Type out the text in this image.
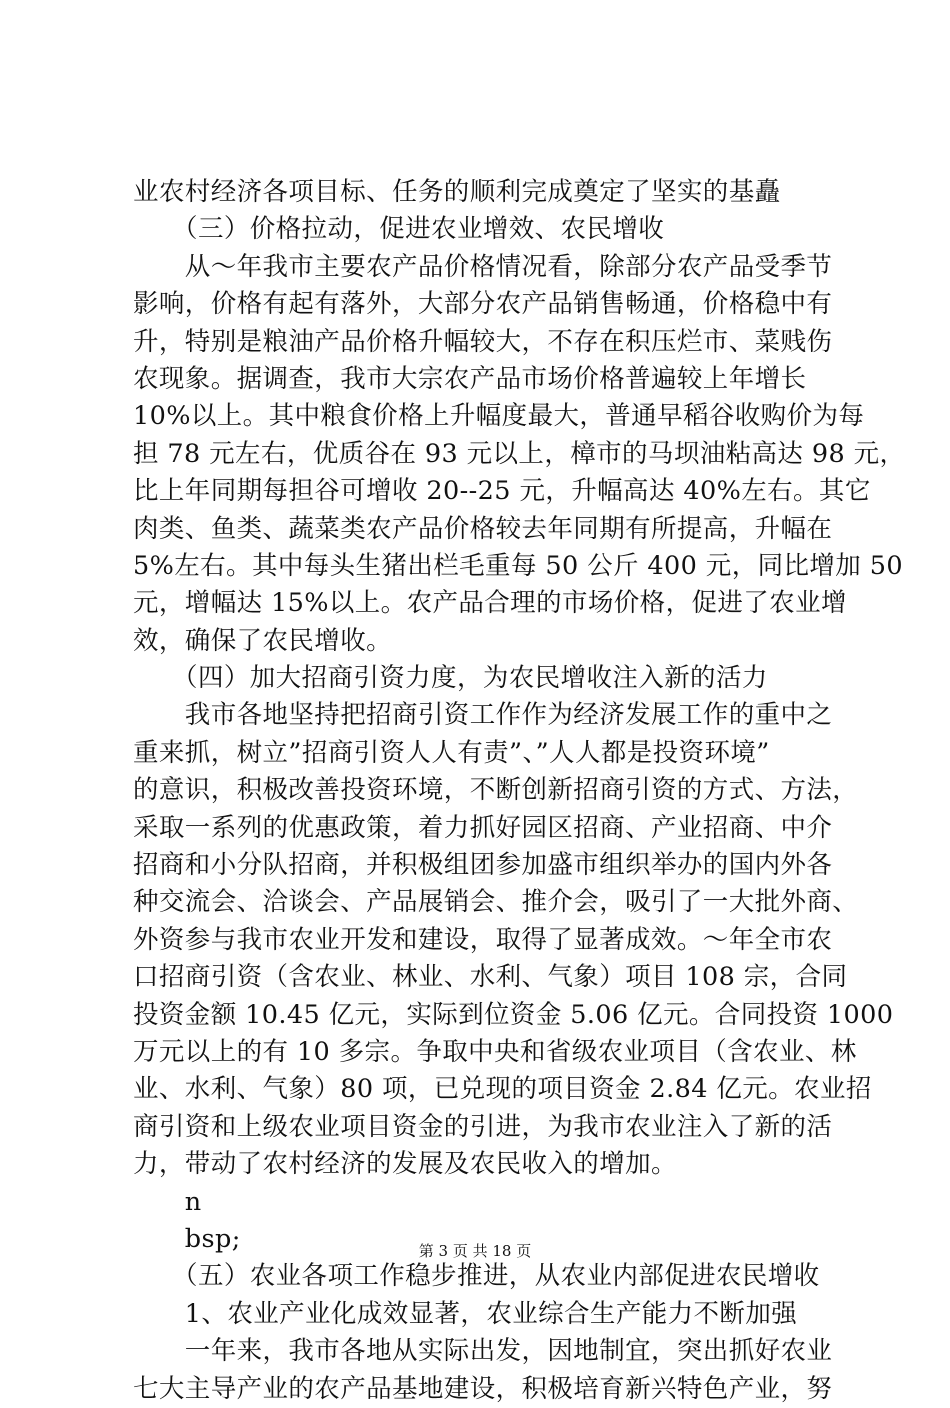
业农村经济各项目标、任务的顺利完成奠定了坚实的基矗
　　（三）价格拉动，促进农业增效、农民增收
　　从～年我市主要农产品价格情况看，除部分农产品受季节
影响，价格有起有落外，大部分农产品销售畅通，价格稳中有
升，特别是粮油产品价格升幅较大，不存在积压烂市、菜贱伤
农现象。据调查，我市大宗农产品市场价格普遍较上年增长
10%以上。其中粮食价格上升幅度最大，普通早稻谷收购价为每
担 78 元左右，优质谷在 93 元以上，樟市的马坝油粘高达 98 元，
比上年同期每担谷可增收 20--25 元，升幅高达 40%左右。其它
肉类、鱼类、蔬菜类农产品价格较去年同期有所提高，升幅在
5%左右。其中每头生猪出栏毛重每 50 公斤 400 元，同比增加 50
元，增幅达 15%以上。农产品合理的市场价格，促进了农业增
效，确保了农民增收。
　　（四）加大招商引资力度，为农民增收注入新的活力
　　我市各地坚持把招商引资工作作为经济发展工作的重中之
重来抓，树立”招商引资人人有责”、”人人都是投资环境”
的意识，积极改善投资环境，不断创新招商引资的方式、方法，
采取一系列的优惠政策，着力抓好园区招商、产业招商、中介
招商和小分队招商，并积极组团参加盛市组织举办的国内外各
种交流会、洽谈会、产品展销会、推介会，吸引了一大批外商、
外资参与我市农业开发和建设，取得了显著成效。～年全市农
口招商引资（含农业、林业、水利、气象）项目 108 宗，合同
投资金额 10.45 亿元，实际到位资金 5.06 亿元。合同投资 1000
万元以上的有 10 多宗。争取中央和省级农业项目（含农业、林
业、水利、气象）80 项，已兑现的项目资金 2.84 亿元。农业招
商引资和上级农业项目资金的引进，为我市农业注入了新的活
力，带动了农村经济的发展及农民收入的增加。
　　n
　　bsp;
　　（五）农业各项工作稳步推进，从农业内部促进农民增收
　　1、农业产业化成效显著，农业综合生产能力不断加强
　　一年来，我市各地从实际出发，因地制宜，突出抓好农业
七大主导产业的农产品基地建设，积极培育新兴特色产业，努
第 3 页 共 18 页
